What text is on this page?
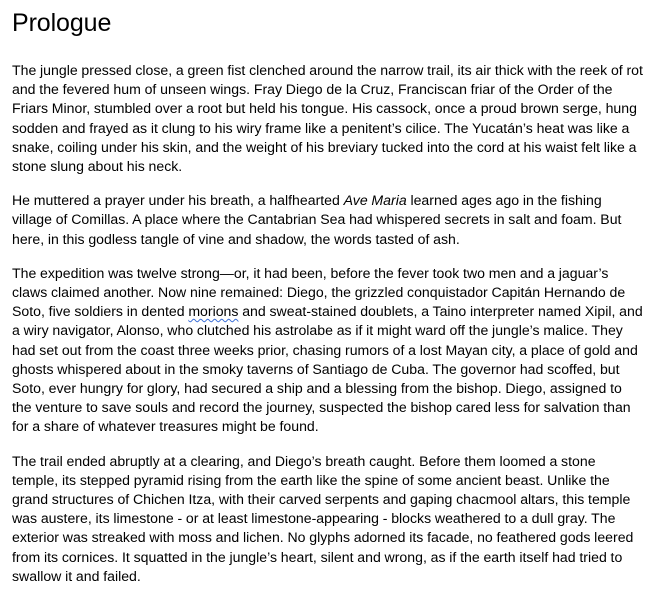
Prologue

The jungle pressed close, a green fist clenched around the narrow trail, its air thick with the reek of rot and the fevered hum of unseen wings. Fray Diego de la Cruz, Franciscan friar of the Order of the Friars Minor, stumbled over a root but held his tongue. His cassock, once a proud brown serge, hung sodden and frayed as it clung to his wiry frame like a penitent’s cilice. The Yucatán’s heat was like a snake, coiling under his skin, and the weight of his breviary tucked into the cord at his waist felt like a stone slung about his neck.

He muttered a prayer under his breath, a halfhearted Ave Maria learned ages ago in the fishing village of Comillas. A place where the Cantabrian Sea had whispered secrets in salt and foam. But here, in this godless tangle of vine and shadow, the words tasted of ash.

The expedition was twelve strong—or, it had been, before the fever took two men and a jaguar’s claws claimed another. Now nine remained: Diego, the grizzled conquistador Capitán Hernando de Soto, five soldiers in dented morions and sweat-stained doublets, a Taino interpreter named Xipil, and a wiry navigator, Alonso, who clutched his astrolabe as if it might ward off the jungle’s malice. They had set out from the coast three weeks prior, chasing rumors of a lost Mayan city, a place of gold and ghosts whispered about in the smoky taverns of Santiago de Cuba. The governor had scoffed, but Soto, ever hungry for glory, had secured a ship and a blessing from the bishop. Diego, assigned to the venture to save souls and record the journey, suspected the bishop cared less for salvation than for a share of whatever treasures might be found.

The trail ended abruptly at a clearing, and Diego’s breath caught. Before them loomed a stone temple, its stepped pyramid rising from the earth like the spine of some ancient beast. Unlike the grand structures of Chichen Itza, with their carved serpents and gaping chacmool altars, this temple was austere, its limestone - or at least limestone-appearing - blocks weathered to a dull gray. The exterior was streaked with moss and lichen. No glyphs adorned its facade, no feathered gods leered from its cornices. It squatted in the jungle’s heart, silent and wrong, as if the earth itself had tried to swallow it and failed.
